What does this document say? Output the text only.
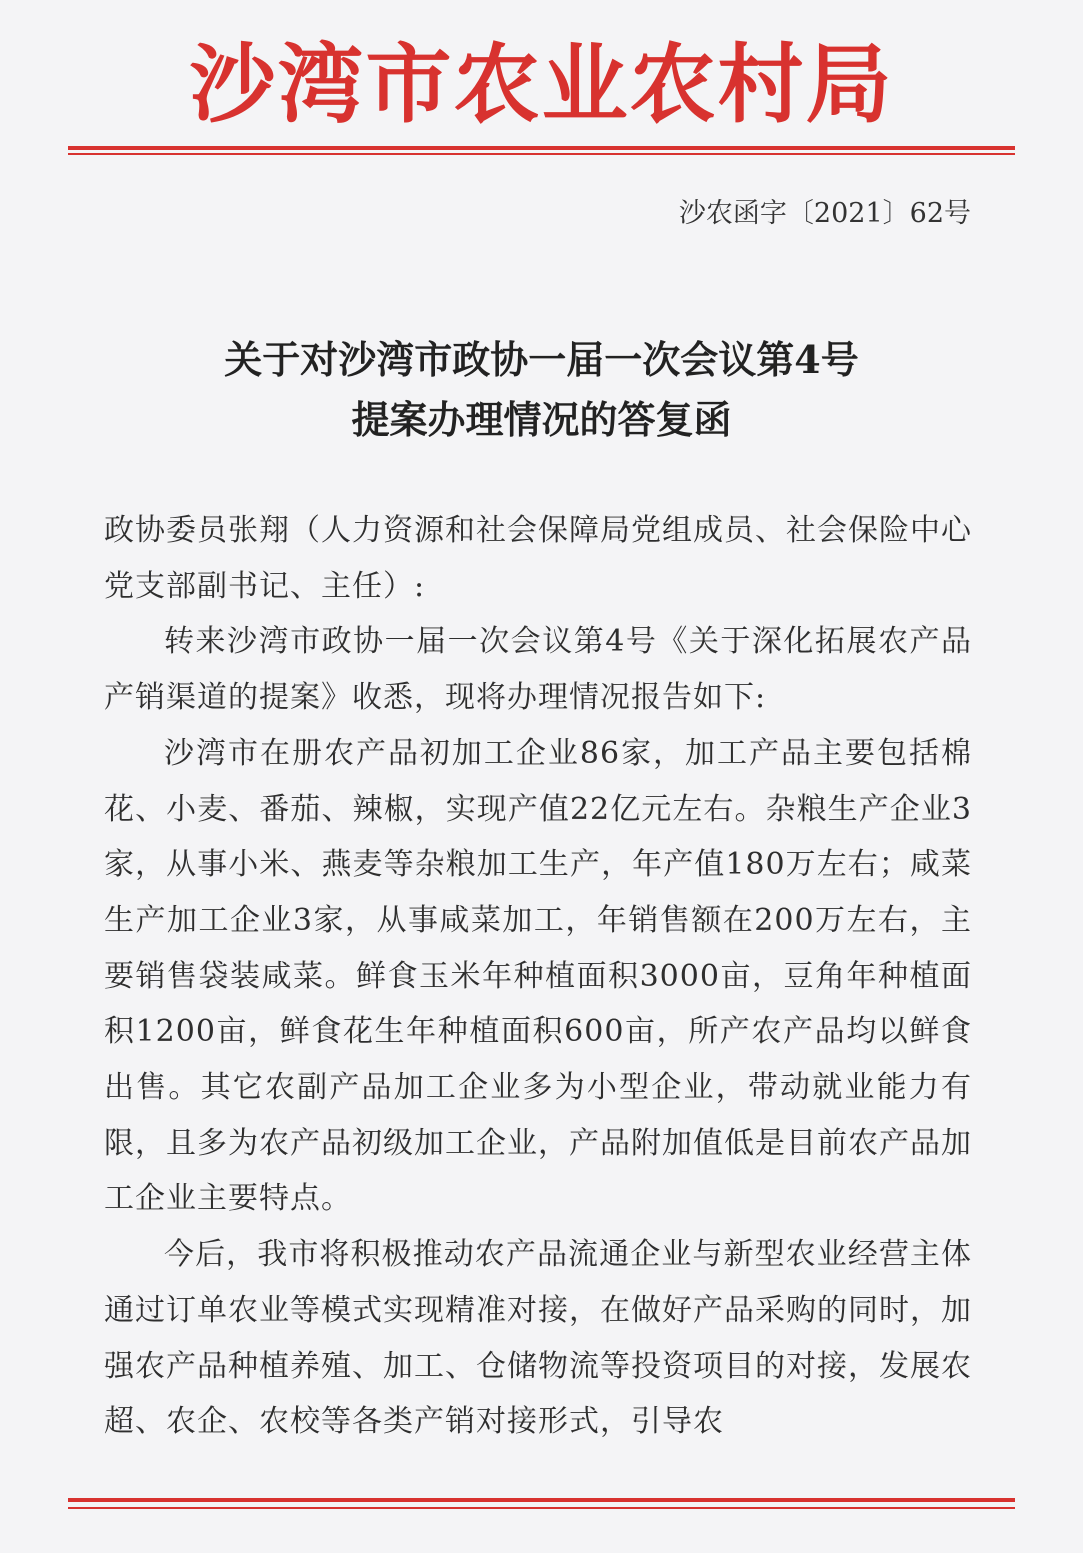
沙湾市农业农村局
沙农函字〔2021〕62号
关于对沙湾市政协一届一次会议第4号
提案办理情况的答复函

政协委员张翔（人力资源和社会保障局党组成员、社会保险中心党支部副书记、主任）:

转来沙湾市政协一届一次会议第4号《关于深化拓展农产品产销渠道的提案》收悉，现将办理情况报告如下:

沙湾市在册农产品初加工企业86家，加工产品主要包括棉花、小麦、番茄、辣椒，实现产值22亿元左右。杂粮生产企业3家，从事小米、燕麦等杂粮加工生产，年产值180万左右；咸菜生产加工企业3家，从事咸菜加工，年销售额在200万左右，主要销售袋装咸菜。鲜食玉米年种植面积3000亩，豆角年种植面积1200亩，鲜食花生年种植面积600亩，所产农产品均以鲜食出售。其它农副产品加工企业多为小型企业，带动就业能力有限，且多为农产品初级加工企业，产品附加值低是目前农产品加工企业主要特点。

今后，我市将积极推动农产品流通企业与新型农业经营主体通过订单农业等模式实现精准对接，在做好产品采购的同时，加强农产品种植养殖、加工、仓储物流等投资项目的对接，发展农超、农企、农校等各类产销对接形式，引导农
